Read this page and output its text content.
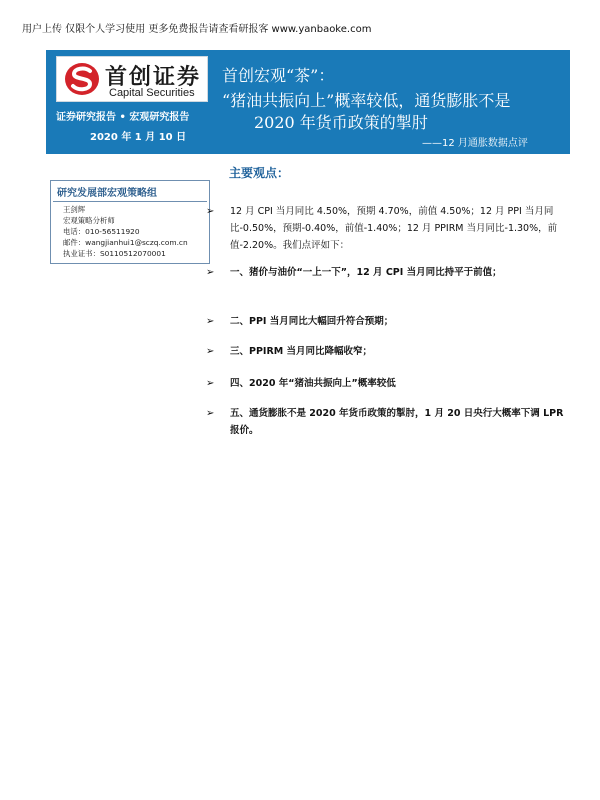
用户上传 仅限个人学习使用 更多免费报告请查看研报客 www.yanbaoke.com
首创证券
Capital Securities
首创宏观“茶”：
“猪油共振向上”概率较低，通货膨胀不是
2020 年货币政策的掣肘
——12 月通胀数据点评
证券研究报告 • 宏观研究报告
2020 年 1 月 10 日
研究发展部宏观策略组
王剑辉
宏观策略分析师
电话：010-56511920
邮件：wangjianhui1@sczq.com.cn
执业证书：S0110512070001
主要观点：
➢ 12 月 CPI 当月同比 4.50%，预期 4.70%，前值 4.50%；12 月 PPI 当月同比-0.50%，预期-0.40%，前值-1.40%；12 月 PPIRM 当月同比-1.30%，前值-2.20%。我们点评如下：
➢ 一、猪价与油价“一上一下”，12 月 CPI 当月同比持平于前值；
➢ 二、PPI 当月同比大幅回升符合预期；
➢ 三、PPIRM 当月同比降幅收窄；
➢ 四、2020 年“猪油共振向上”概率较低
➢ 五、通货膨胀不是 2020 年货币政策的掣肘，1 月 20 日央行大概率下调 LPR 报价。
